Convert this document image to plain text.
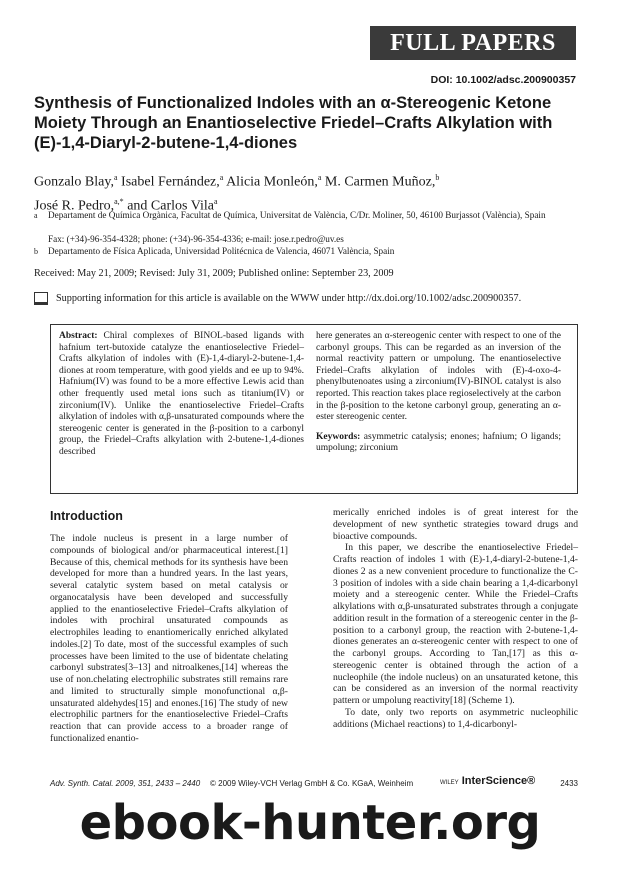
FULL PAPERS
DOI: 10.1002/adsc.200900357
Synthesis of Functionalized Indoles with an α-Stereogenic Ketone Moiety Through an Enantioselective Friedel–Crafts Alkylation with (E)-1,4-Diaryl-2-butene-1,4-diones
Gonzalo Blay,$^a$ Isabel Fernández,$^a$ Alicia Monleón,$^a$ M. Carmen Muñoz,$^b$
José R. Pedro,$^{a,*}$ and Carlos Vila$^a$
a Departament de Química Orgànica, Facultat de Química, Universitat de València, C/Dr. Moliner, 50, 46100 Burjassot (València), Spain
Fax: (+34)-96-354-4328; phone: (+34)-96-354-4336; e-mail: jose.r.pedro@uv.es
b Departamento de Física Aplicada, Universidad Politécnica de Valencia, 46071 València, Spain
Received: May 21, 2009; Revised: July 31, 2009; Published online: September 23, 2009
Supporting information for this article is available on the WWW under http://dx.doi.org/10.1002/adsc.200900357.
Abstract: Chiral complexes of BINOL-based ligands with hafnium tert-butoxide catalyze the enantioselective Friedel–Crafts alkylation of indoles with (E)-1,4-diaryl-2-butene-1,4-diones at room temperature, with good yields and ee up to 94%. Hafnium(IV) was found to be a more effective Lewis acid than other frequently used metal ions such as titanium(IV) or zirconium(IV). Unlike the enantioselective Friedel–Crafts alkylation of indoles with α,β-unsaturated compounds where the stereogenic center is generated in the β-position to a carbonyl group, the Friedel–Crafts alkylation with 2-butene-1,4-diones described
here generates an α-stereogenic center with respect to one of the carbonyl groups. This can be regarded as an inversion of the normal reactivity pattern or umpolung. The enantioselective Friedel–Crafts alkylation of indoles with (E)-4-oxo-4-phenylbutenoates using a zirconium(IV)-BINOL catalyst is also reported. This reaction takes place regioselectively at the carbon in the β-position to the ketone carbonyl group, generating an α-ester stereogenic center.
Keywords: asymmetric catalysis; enones; hafnium; O ligands; umpolung; zirconium
Introduction

The indole nucleus is present in a large number of compounds of biological and/or pharmaceutical interest.[1] Because of this, chemical methods for its synthesis have been developed for more than a hundred years. In the last years, several catalytic system based on metal catalysis or organocatalysis have been developed and successfully applied to the enantioselective Friedel–Crafts alkylation of indoles with prochiral unsaturated compounds as electrophiles leading to enantiomerically enriched alkylated indoles.[2] To date, most of the successful examples of such processes have been limited to the use of bidentate chelating carbonyl substrates[3–13] and nitroalkenes,[14] whereas the use of non.chelating electrophilic substrates still remains rare and limited to structurally simple monofunctional α,β-unsaturated aldehydes[15] and enones.[16] The study of new electrophilic partners for the enantioselective Friedel–Crafts reaction that can provide access to a broader range of functionalized enantio-

merically enriched indoles is of great interest for the development of new synthetic strategies toward drugs and bioactive compounds.

In this paper, we describe the enantioselective Friedel–Crafts reaction of indoles 1 with (E)-1,4-diaryl-2-butene-1,4-diones 2 as a new convenient procedure to functionalize the C-3 position of indoles with a side chain bearing a 1,4-dicarbonyl moiety and a stereogenic center. While the Friedel–Crafts alkylations with α,β-unsaturated substrates through a conjugate addition result in the formation of a stereogenic center in the β-position to a carbonyl group, the reaction with 2-butene-1,4-diones generates an α-stereogenic center with respect to one of the carbonyl groups. According to Tan,[17] as this α-stereogenic center is obtained through the action of a nucleophile (the indole nucleus) on an unsaturated ketone, this can be considered as an inversion of the normal reactivity pattern or umpolung reactivity[18] (Scheme 1).

To date, only two reports on asymmetric nucleophilic additions (Michael reactions) to 1,4-dicarbonyl-

Adv. Synth. Catal. 2009, 351, 2433 – 2440 © 2009 Wiley-VCH Verlag GmbH & Co. KGaA, Weinheim	WILEY InterScience®	2433
ebook-hunter.org
